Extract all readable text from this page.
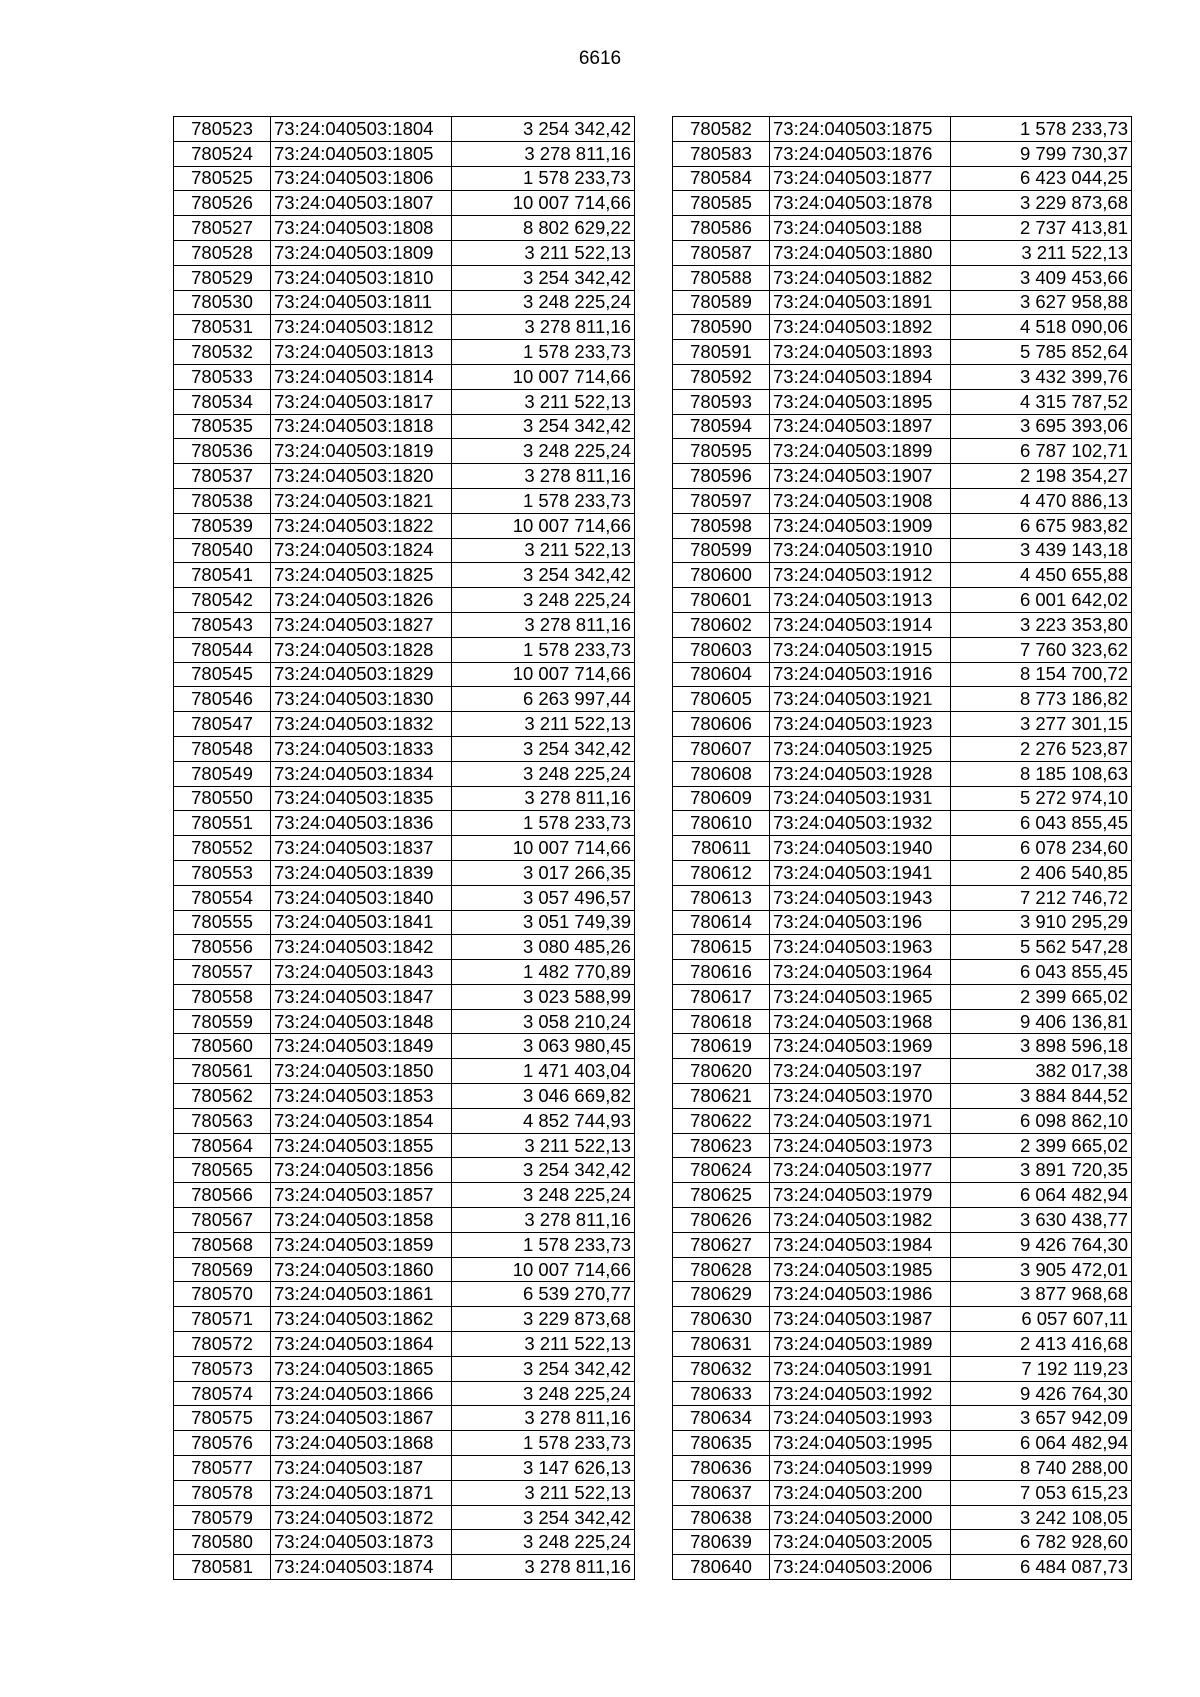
6616
780523	73:24:040503:1804	3 254 342,42
780524	73:24:040503:1805	3 278 811,16
780525	73:24:040503:1806	1 578 233,73
780526	73:24:040503:1807	10 007 714,66
780527	73:24:040503:1808	8 802 629,22
780528	73:24:040503:1809	3 211 522,13
780529	73:24:040503:1810	3 254 342,42
780530	73:24:040503:1811	3 248 225,24
780531	73:24:040503:1812	3 278 811,16
780532	73:24:040503:1813	1 578 233,73
780533	73:24:040503:1814	10 007 714,66
780534	73:24:040503:1817	3 211 522,13
780535	73:24:040503:1818	3 254 342,42
780536	73:24:040503:1819	3 248 225,24
780537	73:24:040503:1820	3 278 811,16
780538	73:24:040503:1821	1 578 233,73
780539	73:24:040503:1822	10 007 714,66
780540	73:24:040503:1824	3 211 522,13
780541	73:24:040503:1825	3 254 342,42
780542	73:24:040503:1826	3 248 225,24
780543	73:24:040503:1827	3 278 811,16
780544	73:24:040503:1828	1 578 233,73
780545	73:24:040503:1829	10 007 714,66
780546	73:24:040503:1830	6 263 997,44
780547	73:24:040503:1832	3 211 522,13
780548	73:24:040503:1833	3 254 342,42
780549	73:24:040503:1834	3 248 225,24
780550	73:24:040503:1835	3 278 811,16
780551	73:24:040503:1836	1 578 233,73
780552	73:24:040503:1837	10 007 714,66
780553	73:24:040503:1839	3 017 266,35
780554	73:24:040503:1840	3 057 496,57
780555	73:24:040503:1841	3 051 749,39
780556	73:24:040503:1842	3 080 485,26
780557	73:24:040503:1843	1 482 770,89
780558	73:24:040503:1847	3 023 588,99
780559	73:24:040503:1848	3 058 210,24
780560	73:24:040503:1849	3 063 980,45
780561	73:24:040503:1850	1 471 403,04
780562	73:24:040503:1853	3 046 669,82
780563	73:24:040503:1854	4 852 744,93
780564	73:24:040503:1855	3 211 522,13
780565	73:24:040503:1856	3 254 342,42
780566	73:24:040503:1857	3 248 225,24
780567	73:24:040503:1858	3 278 811,16
780568	73:24:040503:1859	1 578 233,73
780569	73:24:040503:1860	10 007 714,66
780570	73:24:040503:1861	6 539 270,77
780571	73:24:040503:1862	3 229 873,68
780572	73:24:040503:1864	3 211 522,13
780573	73:24:040503:1865	3 254 342,42
780574	73:24:040503:1866	3 248 225,24
780575	73:24:040503:1867	3 278 811,16
780576	73:24:040503:1868	1 578 233,73
780577	73:24:040503:187	3 147 626,13
780578	73:24:040503:1871	3 211 522,13
780579	73:24:040503:1872	3 254 342,42
780580	73:24:040503:1873	3 248 225,24
780581	73:24:040503:1874	3 278 811,16
780582	73:24:040503:1875	1 578 233,73
780583	73:24:040503:1876	9 799 730,37
780584	73:24:040503:1877	6 423 044,25
780585	73:24:040503:1878	3 229 873,68
780586	73:24:040503:188	2 737 413,81
780587	73:24:040503:1880	3 211 522,13
780588	73:24:040503:1882	3 409 453,66
780589	73:24:040503:1891	3 627 958,88
780590	73:24:040503:1892	4 518 090,06
780591	73:24:040503:1893	5 785 852,64
780592	73:24:040503:1894	3 432 399,76
780593	73:24:040503:1895	4 315 787,52
780594	73:24:040503:1897	3 695 393,06
780595	73:24:040503:1899	6 787 102,71
780596	73:24:040503:1907	2 198 354,27
780597	73:24:040503:1908	4 470 886,13
780598	73:24:040503:1909	6 675 983,82
780599	73:24:040503:1910	3 439 143,18
780600	73:24:040503:1912	4 450 655,88
780601	73:24:040503:1913	6 001 642,02
780602	73:24:040503:1914	3 223 353,80
780603	73:24:040503:1915	7 760 323,62
780604	73:24:040503:1916	8 154 700,72
780605	73:24:040503:1921	8 773 186,82
780606	73:24:040503:1923	3 277 301,15
780607	73:24:040503:1925	2 276 523,87
780608	73:24:040503:1928	8 185 108,63
780609	73:24:040503:1931	5 272 974,10
780610	73:24:040503:1932	6 043 855,45
780611	73:24:040503:1940	6 078 234,60
780612	73:24:040503:1941	2 406 540,85
780613	73:24:040503:1943	7 212 746,72
780614	73:24:040503:196	3 910 295,29
780615	73:24:040503:1963	5 562 547,28
780616	73:24:040503:1964	6 043 855,45
780617	73:24:040503:1965	2 399 665,02
780618	73:24:040503:1968	9 406 136,81
780619	73:24:040503:1969	3 898 596,18
780620	73:24:040503:197	382 017,38
780621	73:24:040503:1970	3 884 844,52
780622	73:24:040503:1971	6 098 862,10
780623	73:24:040503:1973	2 399 665,02
780624	73:24:040503:1977	3 891 720,35
780625	73:24:040503:1979	6 064 482,94
780626	73:24:040503:1982	3 630 438,77
780627	73:24:040503:1984	9 426 764,30
780628	73:24:040503:1985	3 905 472,01
780629	73:24:040503:1986	3 877 968,68
780630	73:24:040503:1987	6 057 607,11
780631	73:24:040503:1989	2 413 416,68
780632	73:24:040503:1991	7 192 119,23
780633	73:24:040503:1992	9 426 764,30
780634	73:24:040503:1993	3 657 942,09
780635	73:24:040503:1995	6 064 482,94
780636	73:24:040503:1999	8 740 288,00
780637	73:24:040503:200	7 053 615,23
780638	73:24:040503:2000	3 242 108,05
780639	73:24:040503:2005	6 782 928,60
780640	73:24:040503:2006	6 484 087,73
